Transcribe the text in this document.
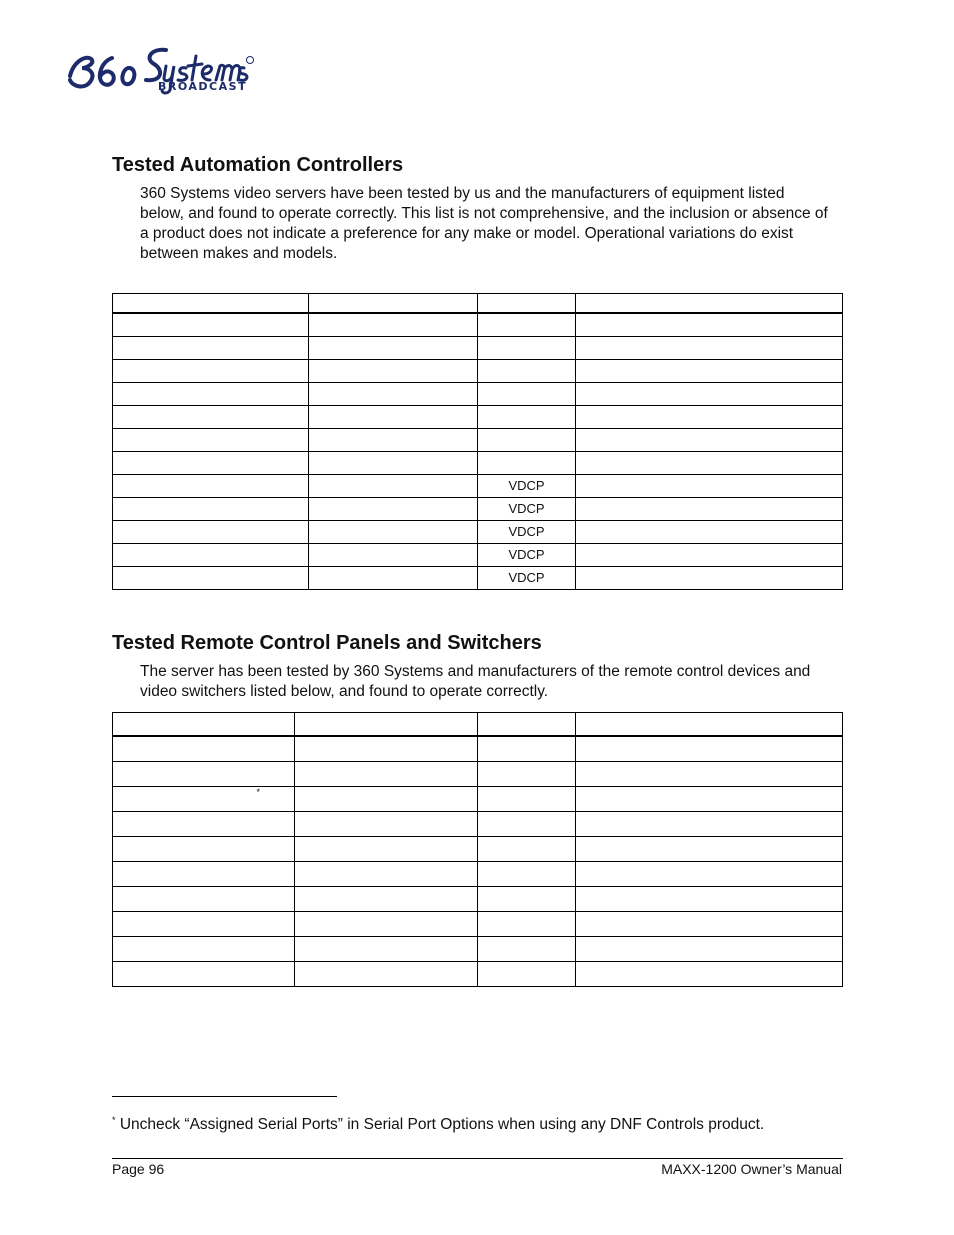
BROADCAST
Tested Automation Controllers

360 Systems video servers have been tested by us and the manufacturers of equipment listed below, and found to operate correctly. This list is not comprehensive, and the inclusion or absence of a product does not indicate a preference for any make or model. Operational variations do exist between makes and models.

		VDCP	
		VDCP	
		VDCP	
		VDCP	
		VDCP	
Tested Remote Control Panels and Switchers

The server has been tested by 360 Systems and manufacturers of the remote control devices and video switchers listed below, and found to operate correctly.

*			

* Uncheck “Assigned Serial Ports” in Serial Port Options when using any DNF Controls product.

Page 96	MAXX-1200 Owner’s Manual
